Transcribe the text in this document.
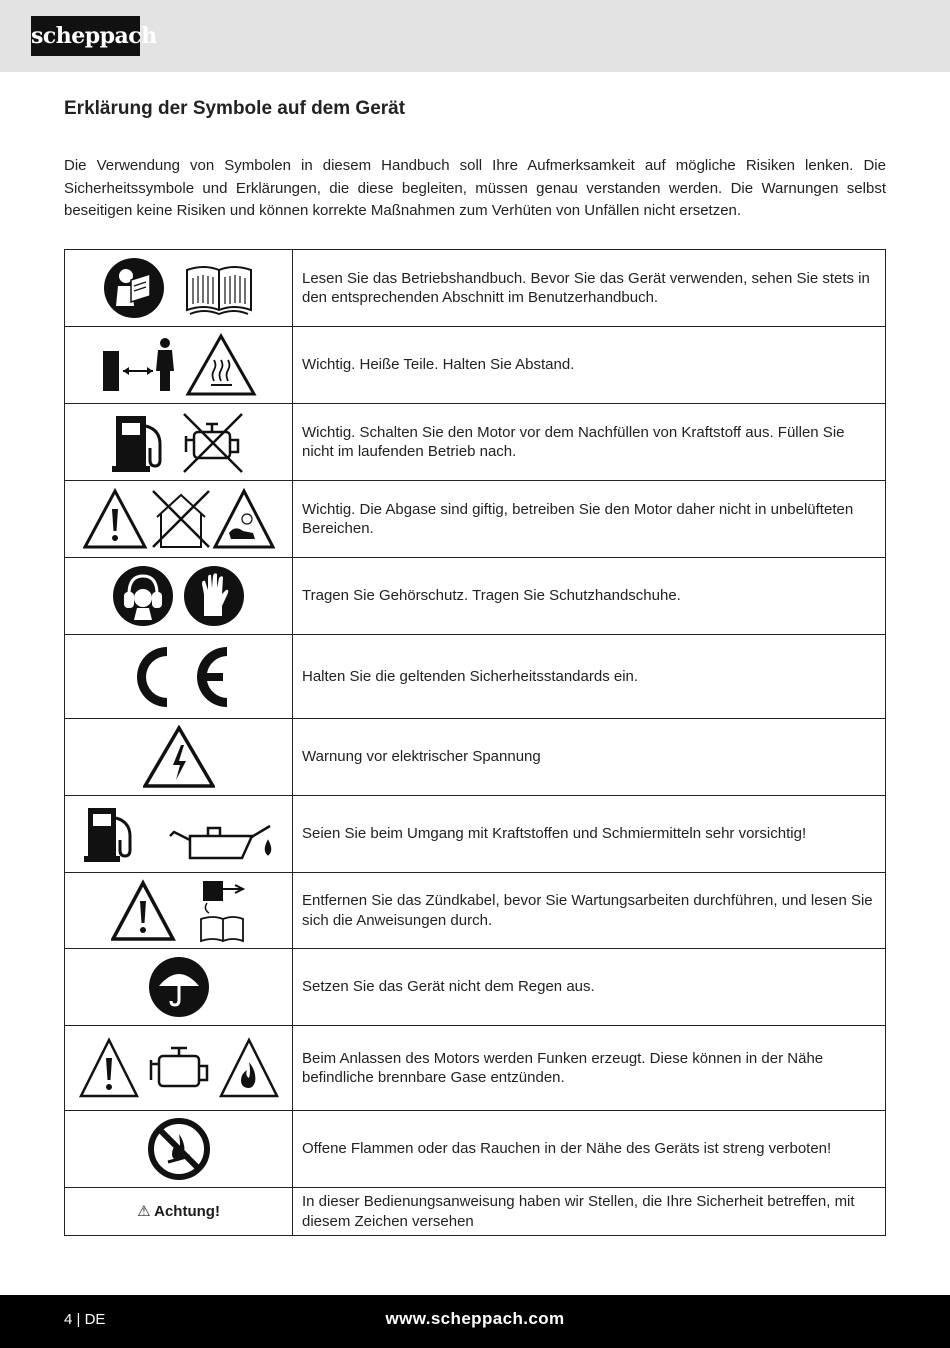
scheppach
Erklärung der Symbole auf dem Gerät

Die Verwendung von Symbolen in diesem Handbuch soll Ihre Aufmerksamkeit auf mögliche Risiken lenken. Die Sicherheitssymbole und Erklärungen, die diese begleiten, müssen genau verstanden werden. Die Warnungen selbst beseitigen keine Risiken und können korrekte Maßnahmen zum Verhüten von Unfällen nicht ersetzen.

	Lesen Sie das Betriebshandbuch. Bevor Sie das Gerät verwenden, sehen Sie stets in den entsprechenden Abschnitt im Benutzerhandbuch.

	Wichtig. Heiße Teile. Halten Sie Abstand.

	Wichtig. Schalten Sie den Motor vor dem Nachfüllen von Kraftstoff aus. Füllen Sie nicht im laufenden Betrieb nach.

	Wichtig. Die Abgase sind giftig, betreiben Sie den Motor daher nicht in unbelüfteten Bereichen.

	Tragen Sie Gehörschutz. Tragen Sie Schutzhandschuhe.

	Halten Sie die geltenden Sicherheitsstandards ein.

	Warnung vor elektrischer Spannung

	Seien Sie beim Umgang mit Kraftstoffen und Schmiermitteln sehr vorsichtig!

	Entfernen Sie das Zündkabel, bevor Sie Wartungsarbeiten durchführen, und lesen Sie sich die Anweisungen durch.

	Setzen Sie das Gerät nicht dem Regen aus.

	Beim Anlassen des Motors werden Funken erzeugt. Diese können in der Nähe befindliche brennbare Gase entzünden.

	Offene Flammen oder das Rauchen in der Nähe des Geräts ist streng verboten!
⚠ Achtung!	In dieser Bedienungsanweisung haben wir Stellen, die Ihre Sicherheit betreffen, mit diesem Zeichen versehen
4 | DE	www.scheppach.com
